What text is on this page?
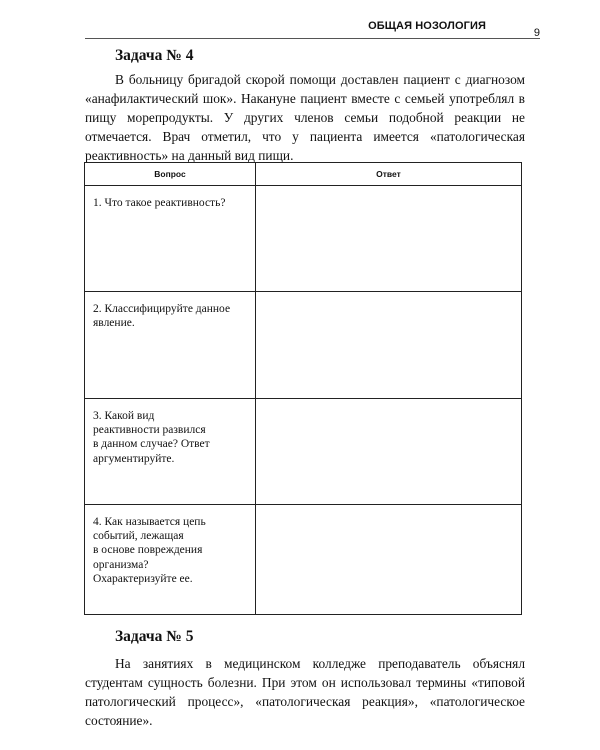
ОБЩАЯ НОЗОЛОГИЯ
9
Задача № 4

В больницу бригадой скорой помощи доставлен пациент с диагнозом «анафилактический шок». Накануне пациент вместе с семьей употреблял в пищу морепродукты. У других членов семьи подобной реакции не отмечается. Врач отметил, что у пациента имеется «патологическая реактивность» на данный вид пищи.

Вопрос	Ответ

1. Что такое реактивность?	

2. Классифицируйте данное
явление.	

3. Какой вид
реактивности развился
в данном случае? Ответ
аргументируйте.	

4. Как называется цепь
событий, лежащая
в основе повреждения
организма?
Охарактеризуйте ее.	

Задача № 5

На занятиях в медицинском колледже преподаватель объяснял студентам сущность болезни. При этом он использовал термины «типовой патологический процесс», «патологическая реакция», «патологическое состояние».
